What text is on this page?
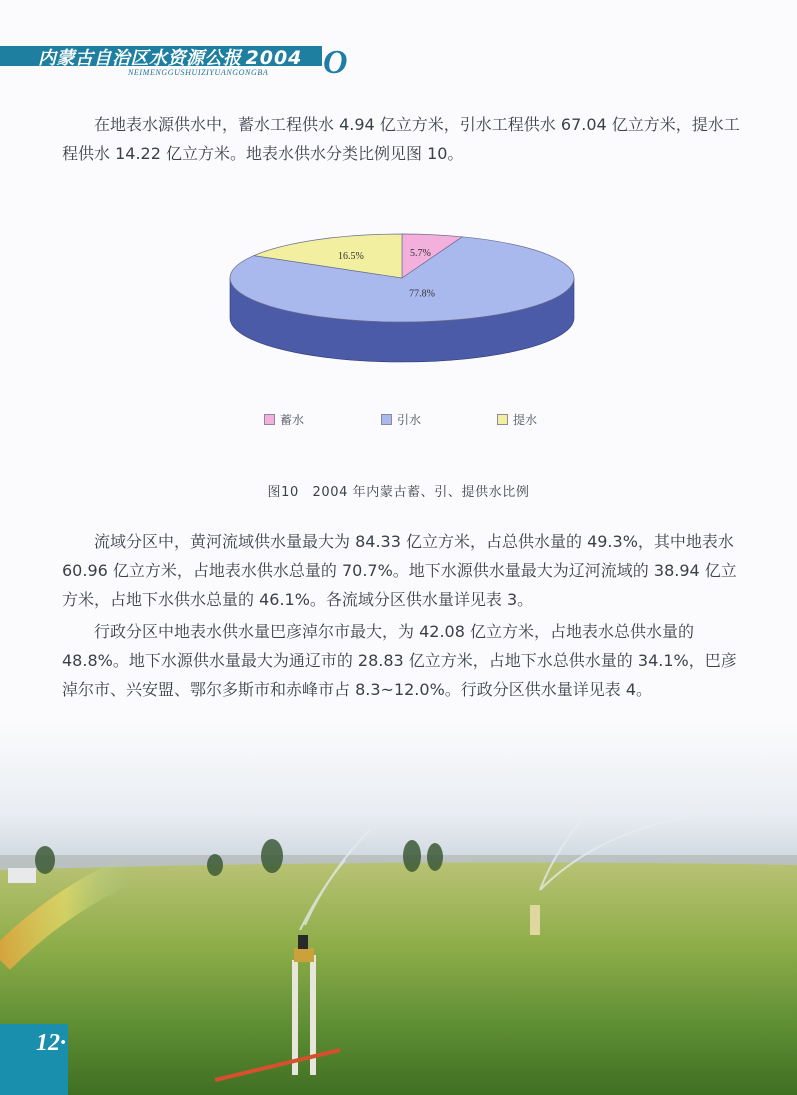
内蒙古自治区水资源公报 2004
NEIMENGGUSHUIZIYUANGONGBA O

在地表水源供水中，蓄水工程供水 4.94 亿立方米，引水工程供水 67.04 亿立方米，提水工程供水 14.22 亿立方米。地表水供水分类比例见图 10。

5.7%
77.8%
16.5%
蓄水	引水	提水
图10　2004 年内蒙古蓄、引、提供水比例

流域分区中，黄河流域供水量最大为 84.33 亿立方米，占总供水量的 49.3%，其中地表水 60.96 亿立方米，占地表水供水总量的 70.7%。地下水源供水量最大为辽河流域的 38.94 亿立方米，占地下水供水总量的 46.1%。各流域分区供水量详见表 3。

行政分区中地表水供水量巴彦淖尔市最大，为 42.08 亿立方米，占地表水总供水量的 48.8%。地下水源供水量最大为通辽市的 28.83 亿立方米，占地下水总供水量的 34.1%，巴彦淖尔市、兴安盟、鄂尔多斯市和赤峰市占 8.3~12.0%。行政分区供水量详见表 4。

12·
